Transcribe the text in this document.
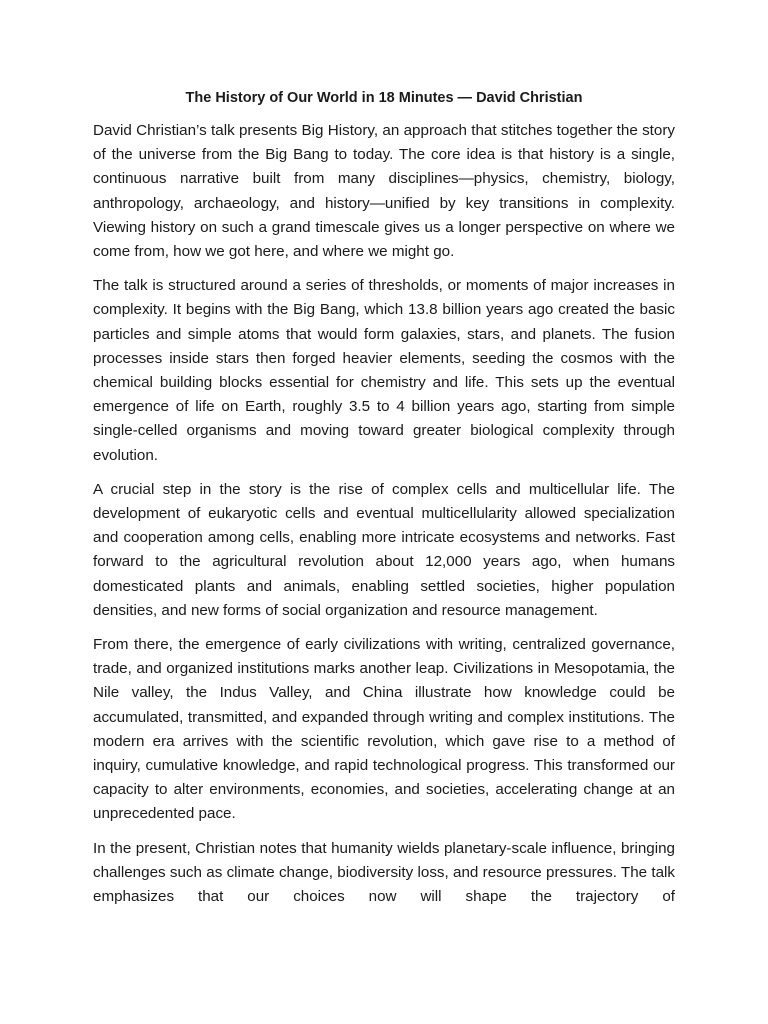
The History of Our World in 18 Minutes — David Christian

David Christian’s talk presents Big History, an approach that stitches together the story of the universe from the Big Bang to today. The core idea is that history is a single, continuous narrative built from many disciplines—physics, chemistry, biology, anthropology, archaeology, and history—unified by key transitions in complexity. Viewing history on such a grand timescale gives us a longer perspective on where we come from, how we got here, and where we might go.

The talk is structured around a series of thresholds, or moments of major increases in complexity. It begins with the Big Bang, which 13.8 billion years ago created the basic particles and simple atoms that would form galaxies, stars, and planets. The fusion processes inside stars then forged heavier elements, seeding the cosmos with the chemical building blocks essential for chemistry and life. This sets up the eventual emergence of life on Earth, roughly 3.5 to 4 billion years ago, starting from simple single-celled organisms and moving toward greater biological complexity through evolution.

A crucial step in the story is the rise of complex cells and multicellular life. The development of eukaryotic cells and eventual multicellularity allowed specialization and cooperation among cells, enabling more intricate ecosystems and networks. Fast forward to the agricultural revolution about 12,000 years ago, when humans domesticated plants and animals, enabling settled societies, higher population densities, and new forms of social organization and resource management.

From there, the emergence of early civilizations with writing, centralized governance, trade, and organized institutions marks another leap. Civilizations in Mesopotamia, the Nile valley, the Indus Valley, and China illustrate how knowledge could be accumulated, transmitted, and expanded through writing and complex institutions. The modern era arrives with the scientific revolution, which gave rise to a method of inquiry, cumulative knowledge, and rapid technological progress. This transformed our capacity to alter environments, economies, and societies, accelerating change at an unprecedented pace.

In the present, Christian notes that humanity wields planetary-scale influence, bringing challenges such as climate change, biodiversity loss, and resource pressures. The talk emphasizes that our choices now will shape the trajectory of
